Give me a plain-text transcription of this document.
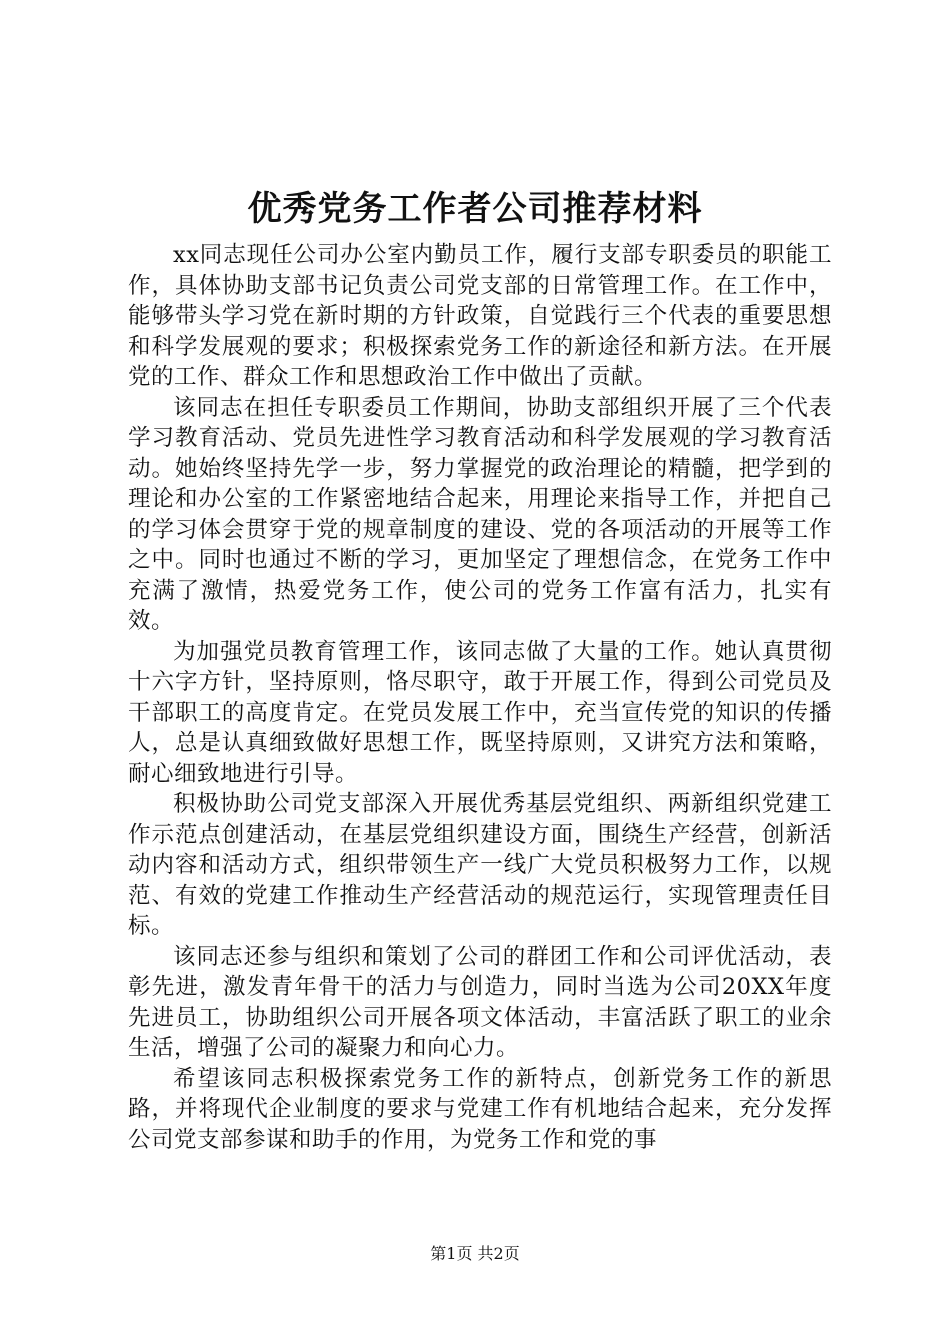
优秀党务工作者公司推荐材料

xx同志现任公司办公室内勤员工作，履行支部专职委员的职能工作，具体协助支部书记负责公司党支部的日常管理工作。在工作中，能够带头学习党在新时期的方针政策，自觉践行三个代表的重要思想和科学发展观的要求；积极探索党务工作的新途径和新方法。在开展党的工作、群众工作和思想政治工作中做出了贡献。

该同志在担任专职委员工作期间，协助支部组织开展了三个代表学习教育活动、党员先进性学习教育活动和科学发展观的学习教育活动。她始终坚持先学一步，努力掌握党的政治理论的精髓，把学到的理论和办公室的工作紧密地结合起来，用理论来指导工作，并把自己的学习体会贯穿于党的规章制度的建设、党的各项活动的开展等工作之中。同时也通过不断的学习，更加坚定了理想信念，在党务工作中充满了激情，热爱党务工作，使公司的党务工作富有活力，扎实有效。

为加强党员教育管理工作，该同志做了大量的工作。她认真贯彻十六字方针，坚持原则，恪尽职守，敢于开展工作，得到公司党员及干部职工的高度肯定。在党员发展工作中，充当宣传党的知识的传播人，总是认真细致做好思想工作，既坚持原则，又讲究方法和策略，耐心细致地进行引导。

积极协助公司党支部深入开展优秀基层党组织、两新组织党建工作示范点创建活动，在基层党组织建设方面，围绕生产经营，创新活动内容和活动方式，组织带领生产一线广大党员积极努力工作，以规范、有效的党建工作推动生产经营活动的规范运行，实现管理责任目标。

该同志还参与组织和策划了公司的群团工作和公司评优活动，表彰先进，激发青年骨干的活力与创造力，同时当选为公司20XX年度先进员工，协助组织公司开展各项文体活动，丰富活跃了职工的业余生活，增强了公司的凝聚力和向心力。

希望该同志积极探索党务工作的新特点，创新党务工作的新思路，并将现代企业制度的要求与党建工作有机地结合起来，充分发挥公司党支部参谋和助手的作用，为党务工作和党的事

第1页 共2页
